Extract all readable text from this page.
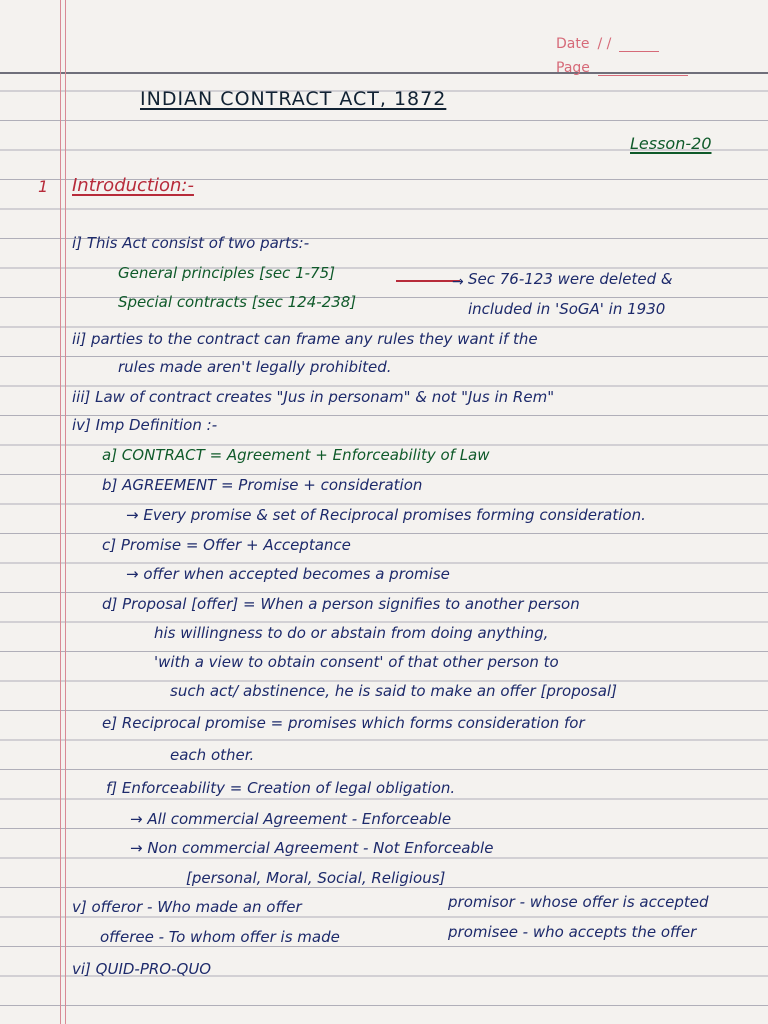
Date / /
Page
INDIAN CONTRACT ACT, 1872
Lesson-20
1 Introduction:-
i] This Act consist of two parts:-
General principles [sec 1-75]	→ Sec 76-123 were deleted &
Special contracts [sec 124-238]	included in 'SoGA' in 1930
ii] parties to the contract can frame any rules they want if the
rules made aren't legally prohibited.
iii] Law of contract creates "Jus in personam" & not "Jus in Rem"
iv] Imp Definition :-
a] CONTRACT = Agreement + Enforceability of Law
b] AGREEMENT = Promise + consideration
→ Every promise & set of Reciprocal promises forming consideration.
c] Promise = Offer + Acceptance
→ offer when accepted becomes a promise
d] Proposal [offer] = When a person signifies to another person
his willingness to do or abstain from doing anything,
'with a view to obtain consent' of that other person to
such act/ abstinence, he is said to make an offer [proposal]
e] Reciprocal promise = promises which forms consideration for
each other.
f] Enforceability = Creation of legal obligation.
→ All commercial Agreement - Enforceable
→ Non commercial Agreement - Not Enforceable
[personal, Moral, Social, Religious]
v] offeror - Who made an offer	promisor - whose offer is accepted
offeree - To whom offer is made	promisee - who accepts the offer
vi] QUID-PRO-QUO
